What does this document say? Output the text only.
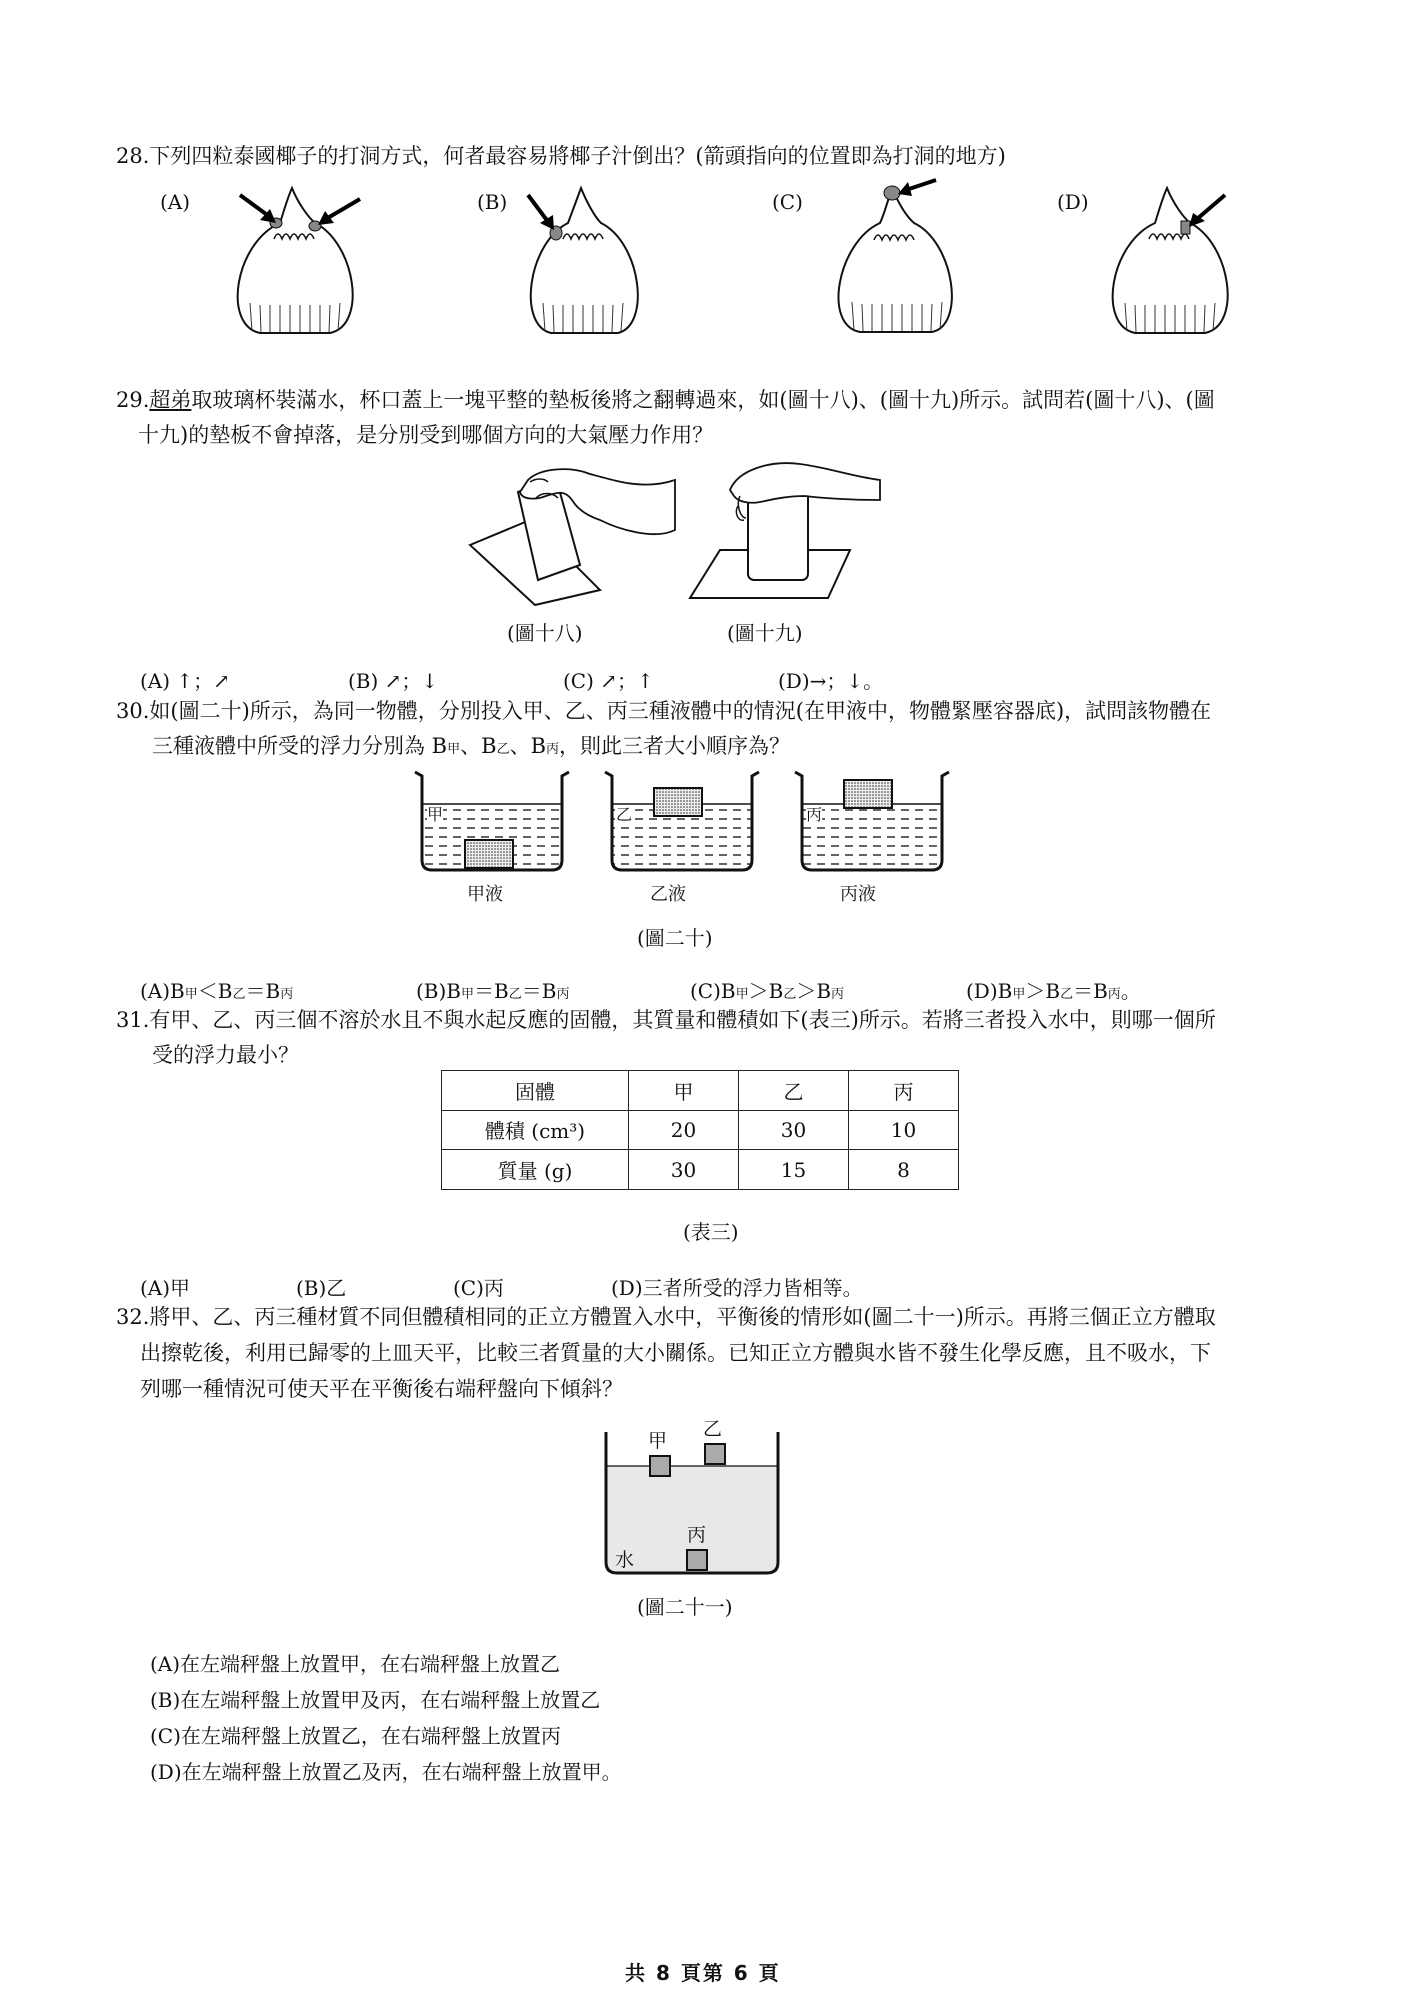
28.下列四粒泰國椰子的打洞方式，何者最容易將椰子汁倒出？(箭頭指向的位置即為打洞的地方)
(A)	(B)	(C)	(D)
29.超弟取玻璃杯裝滿水，杯口蓋上一塊平整的墊板後將之翻轉過來，如(圖十八)、(圖十九)所示。試問若(圖十八)、(圖
十九)的墊板不會掉落，是分別受到哪個方向的大氣壓力作用？
(圖十八)	(圖十九)
(A) ↑；↗	(B) ↗；↓	(C) ↗；↑	(D)→；↓。
30.如(圖二十)所示，為同一物體，分別投入甲、乙、丙三種液體中的情況(在甲液中，物體緊壓容器底)，試問該物體在
三種液體中所受的浮力分別為 B甲、B乙、B丙，則此三者大小順序為？
甲	乙	丙
甲液	乙液	丙液
(圖二十)
(A)B甲＜B乙＝B丙	(B)B甲＝B乙＝B丙	(C)B甲＞B乙＞B丙	(D)B甲＞B乙＝B丙。
31.有甲、乙、丙三個不溶於水且不與水起反應的固體，其質量和體積如下(表三)所示。若將三者投入水中，則哪一個所
受的浮力最小？
固體	甲	乙	丙
體積 (cm³)	20	30	10
質量 (g)	30	15	8
(表三)
(A)甲	(B)乙	(C)丙	(D)三者所受的浮力皆相等。
32.將甲、乙、丙三種材質不同但體積相同的正立方體置入水中，平衡後的情形如(圖二十一)所示。再將三個正立方體取
出擦乾後，利用已歸零的上皿天平，比較三者質量的大小關係。已知正立方體與水皆不發生化學反應，且不吸水，下
列哪一種情況可使天平在平衡後右端秤盤向下傾斜？
甲
乙
丙
水
(圖二十一)
(A)在左端秤盤上放置甲，在右端秤盤上放置乙
(B)在左端秤盤上放置甲及丙，在右端秤盤上放置乙
(C)在左端秤盤上放置乙，在右端秤盤上放置丙
(D)在左端秤盤上放置乙及丙，在右端秤盤上放置甲。
共 8 頁第 6 頁
